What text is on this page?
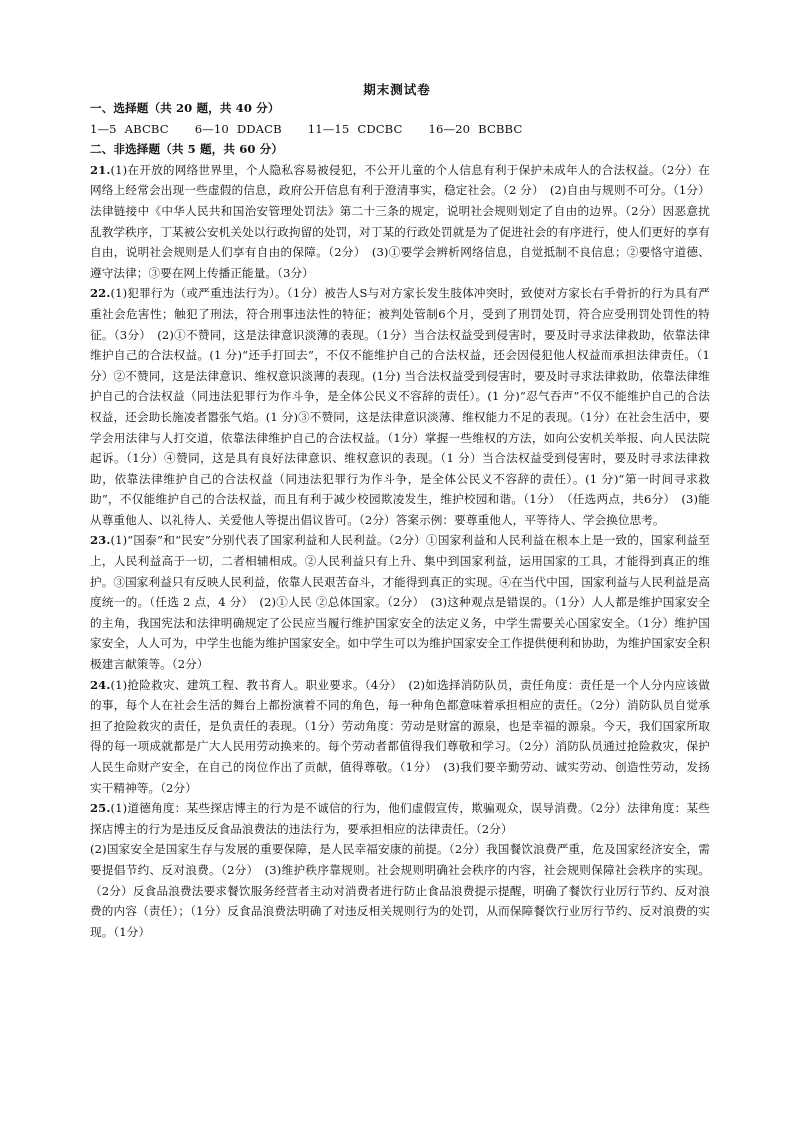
期末测试卷

一、选择题（共 20 题，共 40 分）

1—5 ABCBC 6—10 DDACB 11—15 CDCBC 16—20 BCBBC

二、非选择题（共 5 题，共 60 分）

21.(1)在开放的网络世界里，个人隐私容易被侵犯，不公开儿童的个人信息有利于保护未成年人的合法权益。（2分）在网络上经常会出现一些虚假的信息，政府公开信息有利于澄清事实，稳定社会。（2 分）　(2)自由与规则不可分。（1分）法律链接中《中华人民共和国治安管理处罚法》第二十三条的规定，说明社会规则划定了自由的边界。（2分）因恶意扰乱教学秩序，丁某被公安机关处以行政拘留的处罚，对丁某的行政处罚就是为了促进社会的有序进行，使人们更好的享有自由，说明社会规则是人们享有自由的保障。（2分）　(3)①要学会辨析网络信息，自觉抵制不良信息；②要恪守道德、遵守法律；③要在网上传播正能量。（3分）

22.(1)犯罪行为（或严重违法行为）。（1分）被告人S与对方家长发生肢体冲突时，致使对方家长右手骨折的行为具有严重社会危害性；触犯了刑法，符合刑事违法性的特征；被判处管制6个月，受到了刑罚处罚，符合应受刑罚处罚性的特征。（3分）　(2)①不赞同，这是法律意识淡薄的表现。（1分）当合法权益受到侵害时，要及时寻求法律救助，依靠法律维护自己的合法权益。(1 分)“还手打回去”，不仅不能维护自己的合法权益，还会因侵犯他人权益而承担法律责任。（1分）②不赞同，这是法律意识、维权意识淡薄的表现。(1分) 当合法权益受到侵害时，要及时寻求法律救助，依靠法律维护自己的合法权益（同违法犯罪行为作斗争，是全体公民义不容辞的责任）。(1 分)“忍气吞声”不仅不能维护自己的合法权益，还会助长施凌者嚣张气焰。(1 分)③不赞同，这是法律意识淡薄、维权能力不足的表现。（1分）在社会生活中，要学会用法律与人打交道，依靠法律维护自己的合法权益。（1分）掌握一些维权的方法，如向公安机关举报、向人民法院起诉。（1分）④赞同，这是具有良好法律意识、维权意识的表现。（1 分）当合法权益受到侵害时，要及时寻求法律救助，依靠法律维护自己的合法权益（同违法犯罪行为作斗争，是全体公民义不容辞的责任）。(1 分)“第一时间寻求救助”，不仅能维护自己的合法权益，而且有利于减少校园欺凌发生，维护校园和谐。（1分）　（任选两点，共6分）　(3)能从尊重他人、以礼待人、关爱他人等提出倡议皆可。（2分）答案示例：要尊重他人，平等待人、学会换位思考。

23.(1)“国泰”和“民安”分别代表了国家利益和人民利益。（2分）①国家利益和人民利益在根本上是一致的，国家利益至上，人民利益高于一切，二者相辅相成。②人民利益只有上升、集中到国家利益，运用国家的工具，才能得到真正的维护。③国家利益只有反映人民利益，依靠人民艰苦奋斗，才能得到真正的实现。④在当代中国，国家利益与人民利益是高度统一的。（任选 2 点，4 分）　(2)①人民 ②总体国家。（2分）　(3)这种观点是错误的。（1分）人人都是维护国家安全的主角，我国宪法和法律明确规定了公民应当履行维护国家安全的法定义务，中学生需要关心国家安全。（1分）维护国家安全，人人可为，中学生也能为维护国家安全。如中学生可以为维护国家安全工作提供便利和协助，为维护国家安全积极建言献策等。（2分）

24.(1)抢险救灾、建筑工程、教书育人。职业要求。（4分）　(2)如选择消防队员，责任角度：责任是一个人分内应该做的事，每个人在社会生活的舞台上都扮演着不同的角色，每一种角色都意味着承担相应的责任。（2分）消防队员自觉承担了抢险救灾的责任，是负责任的表现。（1分）劳动角度：劳动是财富的源泉，也是幸福的源泉。今天，我们国家所取得的每一项成就都是广大人民用劳动换来的。每个劳动者都值得我们尊敬和学习。（2分）消防队员通过抢险救灾，保护人民生命财产安全，在自己的岗位作出了贡献，值得尊敬。（1分）　(3)我们要辛勤劳动、诚实劳动、创造性劳动，发扬实干精神等。（2分）

25.(1)道德角度：某些探店博主的行为是不诚信的行为，他们虚假宣传，欺骗观众，误导消费。（2分）法律角度：某些探店博主的行为是违反反食品浪费法的违法行为，要承担相应的法律责任。（2分）

(2)国家安全是国家生存与发展的重要保障，是人民幸福安康的前提。（2分）我国餐饮浪费严重，危及国家经济安全，需要提倡节约、反对浪费。（2分）　(3)维护秩序靠规则。社会规则明确社会秩序的内容，社会规则保障社会秩序的实现。（2分）反食品浪费法要求餐饮服务经营者主动对消费者进行防止食品浪费提示提醒，明确了餐饮行业厉行节约、反对浪费的内容（责任）；（1分）反食品浪费法明确了对违反相关规则行为的处罚，从而保障餐饮行业厉行节约、反对浪费的实现。（1分）
